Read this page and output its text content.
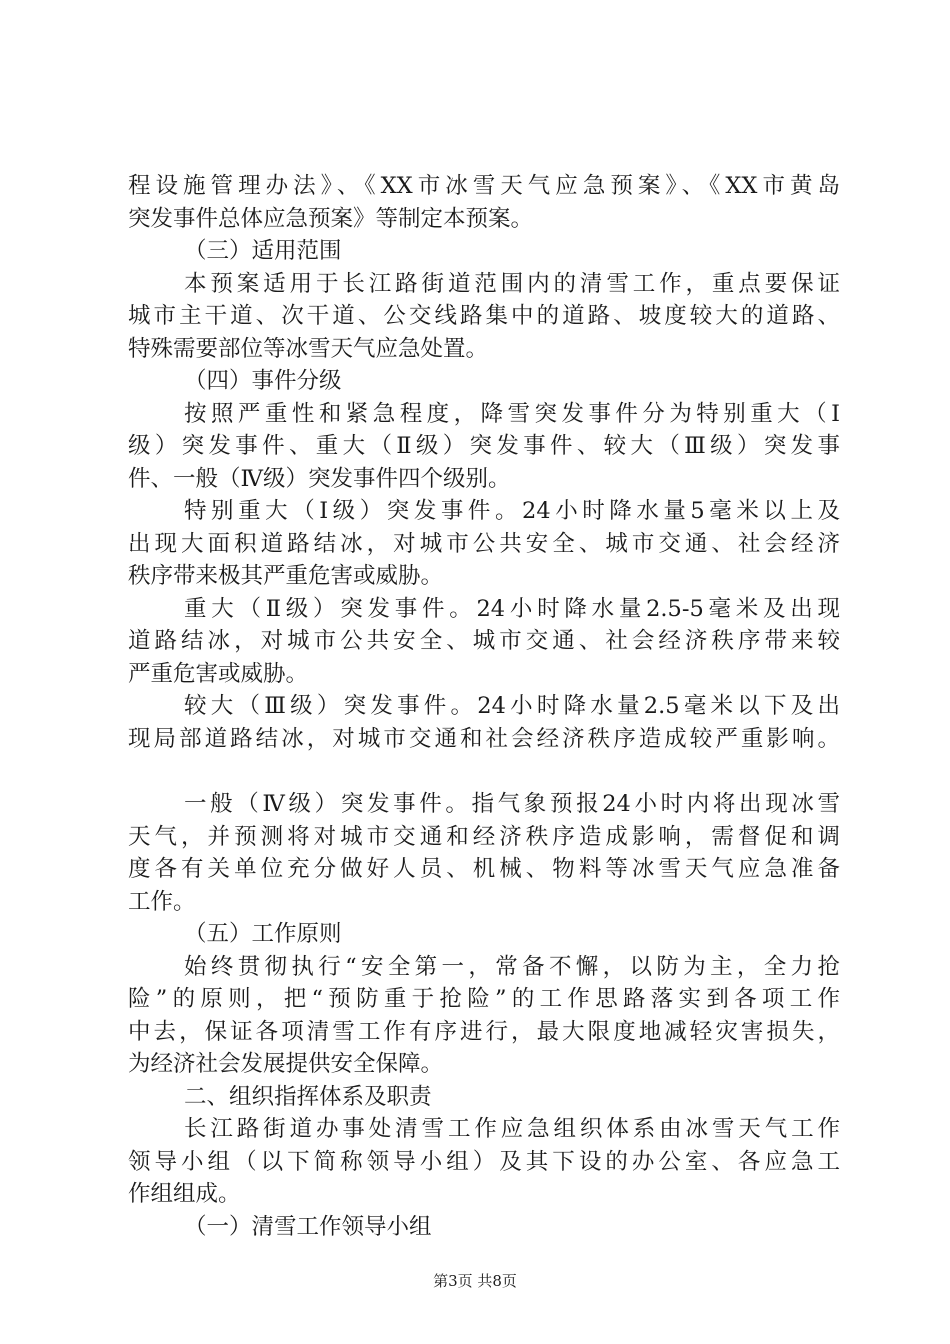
程设施管理办法》、《XX市冰雪天气应急预案》、《XX市黄岛
突发事件总体应急预案》等制定本预案。
（三）适用范围
本预案适用于长江路街道范围内的清雪工作，重点要保证
城市主干道、次干道、公交线路集中的道路、坡度较大的道路、
特殊需要部位等冰雪天气应急处置。
（四）事件分级
按照严重性和紧急程度，降雪突发事件分为特别重大（Ⅰ
级）突发事件、重大（Ⅱ级）突发事件、较大（Ⅲ级）突发事
件、一般（Ⅳ级）突发事件四个级别。
特别重大（Ⅰ级）突发事件。24小时降水量5毫米以上及
出现大面积道路结冰，对城市公共安全、城市交通、社会经济
秩序带来极其严重危害或威胁。
重大（Ⅱ级）突发事件。24小时降水量2.5-5毫米及出现
道路结冰，对城市公共安全、城市交通、社会经济秩序带来较
严重危害或威胁。
较大（Ⅲ级）突发事件。24小时降水量2.5毫米以下及出
现局部道路结冰，对城市交通和社会经济秩序造成较严重影响。
一般（Ⅳ级）突发事件。指气象预报24小时内将出现冰雪
天气，并预测将对城市交通和经济秩序造成影响，需督促和调
度各有关单位充分做好人员、机械、物料等冰雪天气应急准备
工作。
（五）工作原则
始终贯彻执行“安全第一，常备不懈，以防为主，全力抢
险”的原则，把“预防重于抢险”的工作思路落实到各项工作
中去，保证各项清雪工作有序进行，最大限度地减轻灾害损失，
为经济社会发展提供安全保障。
二、组织指挥体系及职责
长江路街道办事处清雪工作应急组织体系由冰雪天气工作
领导小组（以下简称领导小组）及其下设的办公室、各应急工
作组组成。
（一）清雪工作领导小组
第3页 共8页
